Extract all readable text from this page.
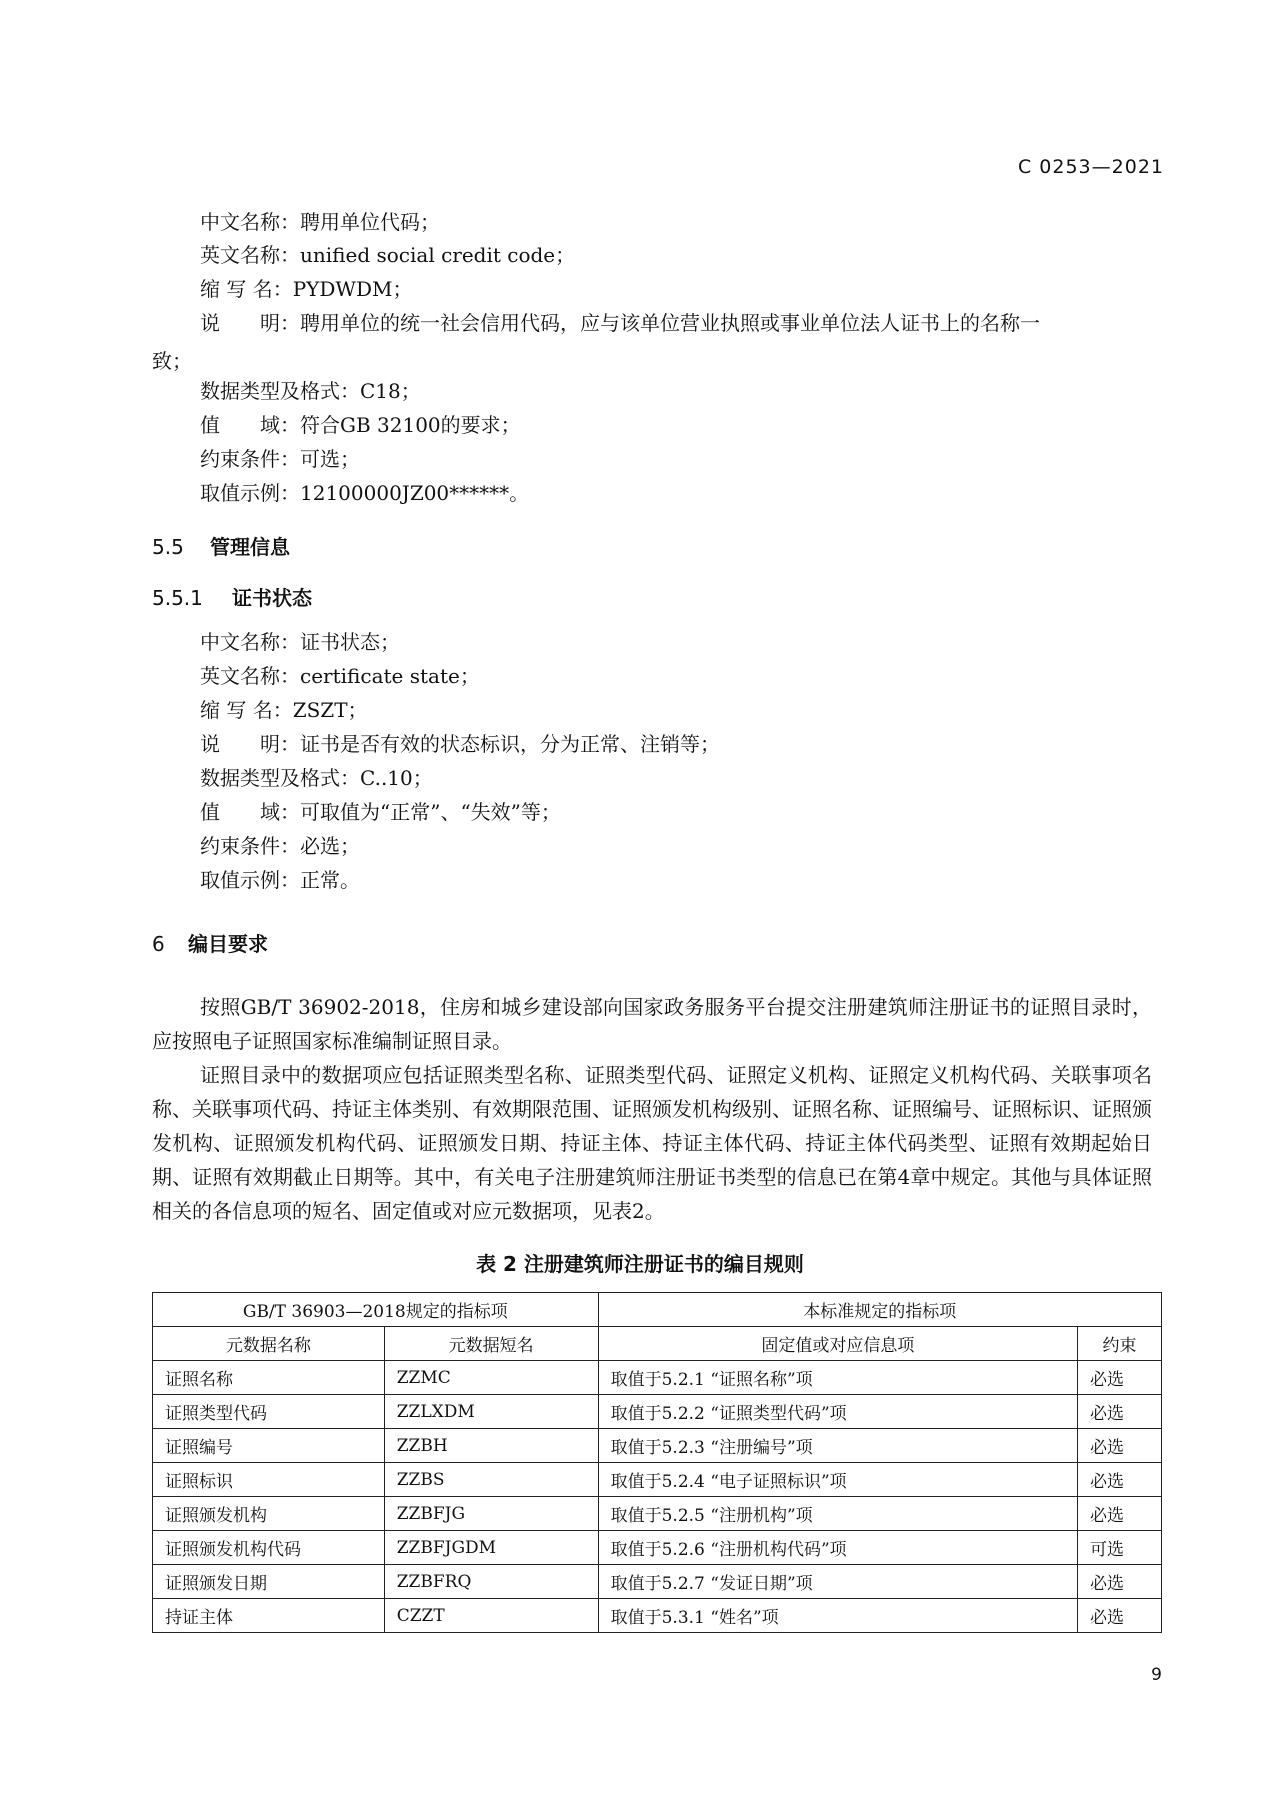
C 0253—2021
中文名称：聘用单位代码；
英文名称：unified social credit code；
缩 写 名：PYDWDM；
说　　明：聘用单位的统一社会信用代码，应与该单位营业执照或事业单位法人证书上的名称一
致；
数据类型及格式：C18；
值　　域：符合GB 32100的要求；
约束条件：可选；
取值示例：12100000JZ00******。
5.5 管理信息
5.5.1 证书状态
中文名称：证书状态；
英文名称：certificate state；
缩 写 名：ZSZT；
说　　明：证书是否有效的状态标识，分为正常、注销等；
数据类型及格式：C..10；
值　　域：可取值为“正常”、“失效”等；
约束条件：必选；
取值示例：正常。
6 编目要求

按照GB/T 36902-2018，住房和城乡建设部向国家政务服务平台提交注册建筑师注册证书的证照目录时，应按照电子证照国家标准编制证照目录。

证照目录中的数据项应包括证照类型名称、证照类型代码、证照定义机构、证照定义机构代码、关联事项名称、关联事项代码、持证主体类别、有效期限范围、证照颁发机构级别、证照名称、证照编号、证照标识、证照颁发机构、证照颁发机构代码、证照颁发日期、持证主体、持证主体代码、持证主体代码类型、证照有效期起始日期、证照有效期截止日期等。其中，有关电子注册建筑师注册证书类型的信息已在第4章中规定。其他与具体证照相关的各信息项的短名、固定值或对应元数据项，见表2。

表 2 注册建筑师注册证书的编目规则
GB/T 36903—2018规定的指标项		本标准规定的指标项	
元数据名称	元数据短名	固定值或对应信息项	约束
证照名称	ZZMC	取值于5.2.1 “证照名称”项	必选
证照类型代码	ZZLXDM	取值于5.2.2 “证照类型代码”项	必选
证照编号	ZZBH	取值于5.2.3 “注册编号”项	必选
证照标识	ZZBS	取值于5.2.4 “电子证照标识”项	必选
证照颁发机构	ZZBFJG	取值于5.2.5 “注册机构”项	必选
证照颁发机构代码	ZZBFJGDM	取值于5.2.6 “注册机构代码”项	可选
证照颁发日期	ZZBFRQ	取值于5.2.7 “发证日期”项	必选
持证主体	CZZT	取值于5.3.1 “姓名”项	必选
9
